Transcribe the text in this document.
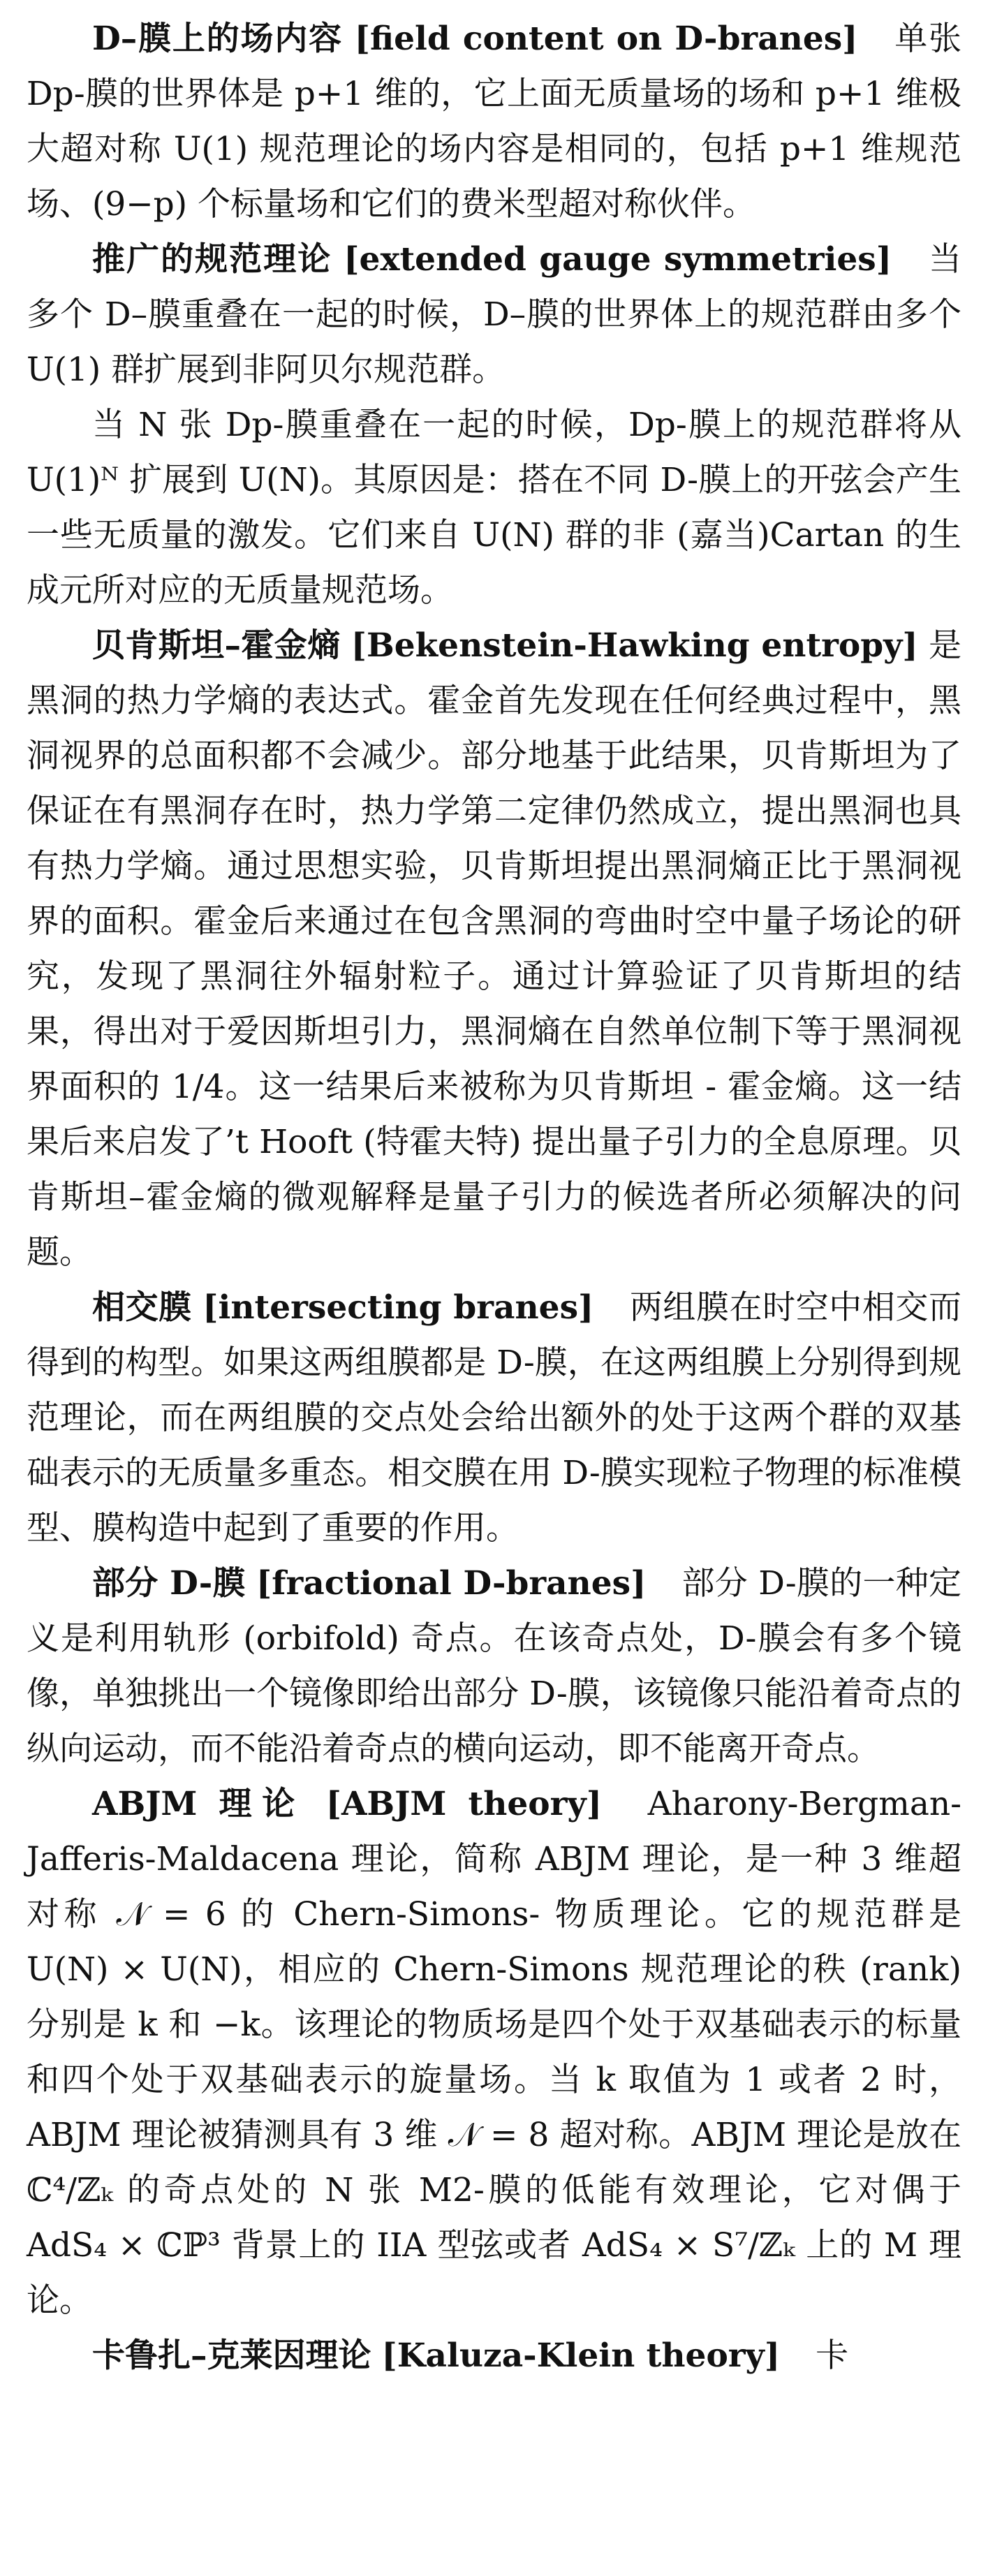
D–膜上的场内容 [field content on D-branes] 单张 Dp-膜的世界体是 p+1 维的，它上面无质量场的场和 p+1 维极大超对称 U(1) 规范理论的场内容是相同的，包括 p+1 维规范场、(9−p) 个标量场和它们的费米型超对称伙伴。

推广的规范理论 [extended gauge symmetries] 当多个 D–膜重叠在一起的时候，D–膜的世界体上的规范群由多个 U(1) 群扩展到非阿贝尔规范群。

当 N 张 Dp-膜重叠在一起的时候，Dp-膜上的规范群将从 U(1)ᴺ 扩展到 U(N)。其原因是：搭在不同 D-膜上的开弦会产生一些无质量的激发。它们来自 U(N) 群的非 (嘉当)Cartan 的生成元所对应的无质量规范场。

贝肯斯坦–霍金熵 [Bekenstein-Hawking entropy] 是黑洞的热力学熵的表达式。霍金首先发现在任何经典过程中，黑洞视界的总面积都不会减少。部分地基于此结果，贝肯斯坦为了保证在有黑洞存在时，热力学第二定律仍然成立，提出黑洞也具有热力学熵。通过思想实验，贝肯斯坦提出黑洞熵正比于黑洞视界的面积。霍金后来通过在包含黑洞的弯曲时空中量子场论的研究，发现了黑洞往外辐射粒子。通过计算验证了贝肯斯坦的结果，得出对于爱因斯坦引力，黑洞熵在自然单位制下等于黑洞视界面积的 1/4。这一结果后来被称为贝肯斯坦 - 霍金熵。这一结果后来启发了’t Hooft (特霍夫特) 提出量子引力的全息原理。贝肯斯坦–霍金熵的微观解释是量子引力的候选者所必须解决的问题。

相交膜 [intersecting branes] 两组膜在时空中相交而得到的构型。如果这两组膜都是 D-膜，在这两组膜上分别得到规范理论，而在两组膜的交点处会给出额外的处于这两个群的双基础表示的无质量多重态。相交膜在用 D-膜实现粒子物理的标准模型、膜构造中起到了重要的作用。

部分 D-膜 [fractional D-branes] 部分 D-膜的一种定义是利用轨形 (orbifold) 奇点。在该奇点处，D-膜会有多个镜像，单独挑出一个镜像即给出部分 D-膜，该镜像只能沿着奇点的纵向运动，而不能沿着奇点的横向运动，即不能离开奇点。

ABJM 理论 [ABJM theory] Aharony-Bergman-Jafferis-Maldacena 理论，简称 ABJM 理论，是一种 3 维超对称 𝒩 = 6 的 Chern-Simons- 物质理论。它的规范群是 U(N) × U(N)，相应的 Chern-Simons 规范理论的秩 (rank) 分别是 k 和 −k。该理论的物质场是四个处于双基础表示的标量和四个处于双基础表示的旋量场。当 k 取值为 1 或者 2 时，ABJM 理论被猜测具有 3 维 𝒩 = 8 超对称。ABJM 理论是放在 ℂ⁴/ℤₖ 的奇点处的 N 张 M2-膜的低能有效理论，它对偶于 AdS₄ × ℂℙ³ 背景上的 IIA 型弦或者 AdS₄ × S⁷/ℤₖ 上的 M 理论。

卡鲁扎–克莱因理论 [Kaluza-Klein theory] 卡
